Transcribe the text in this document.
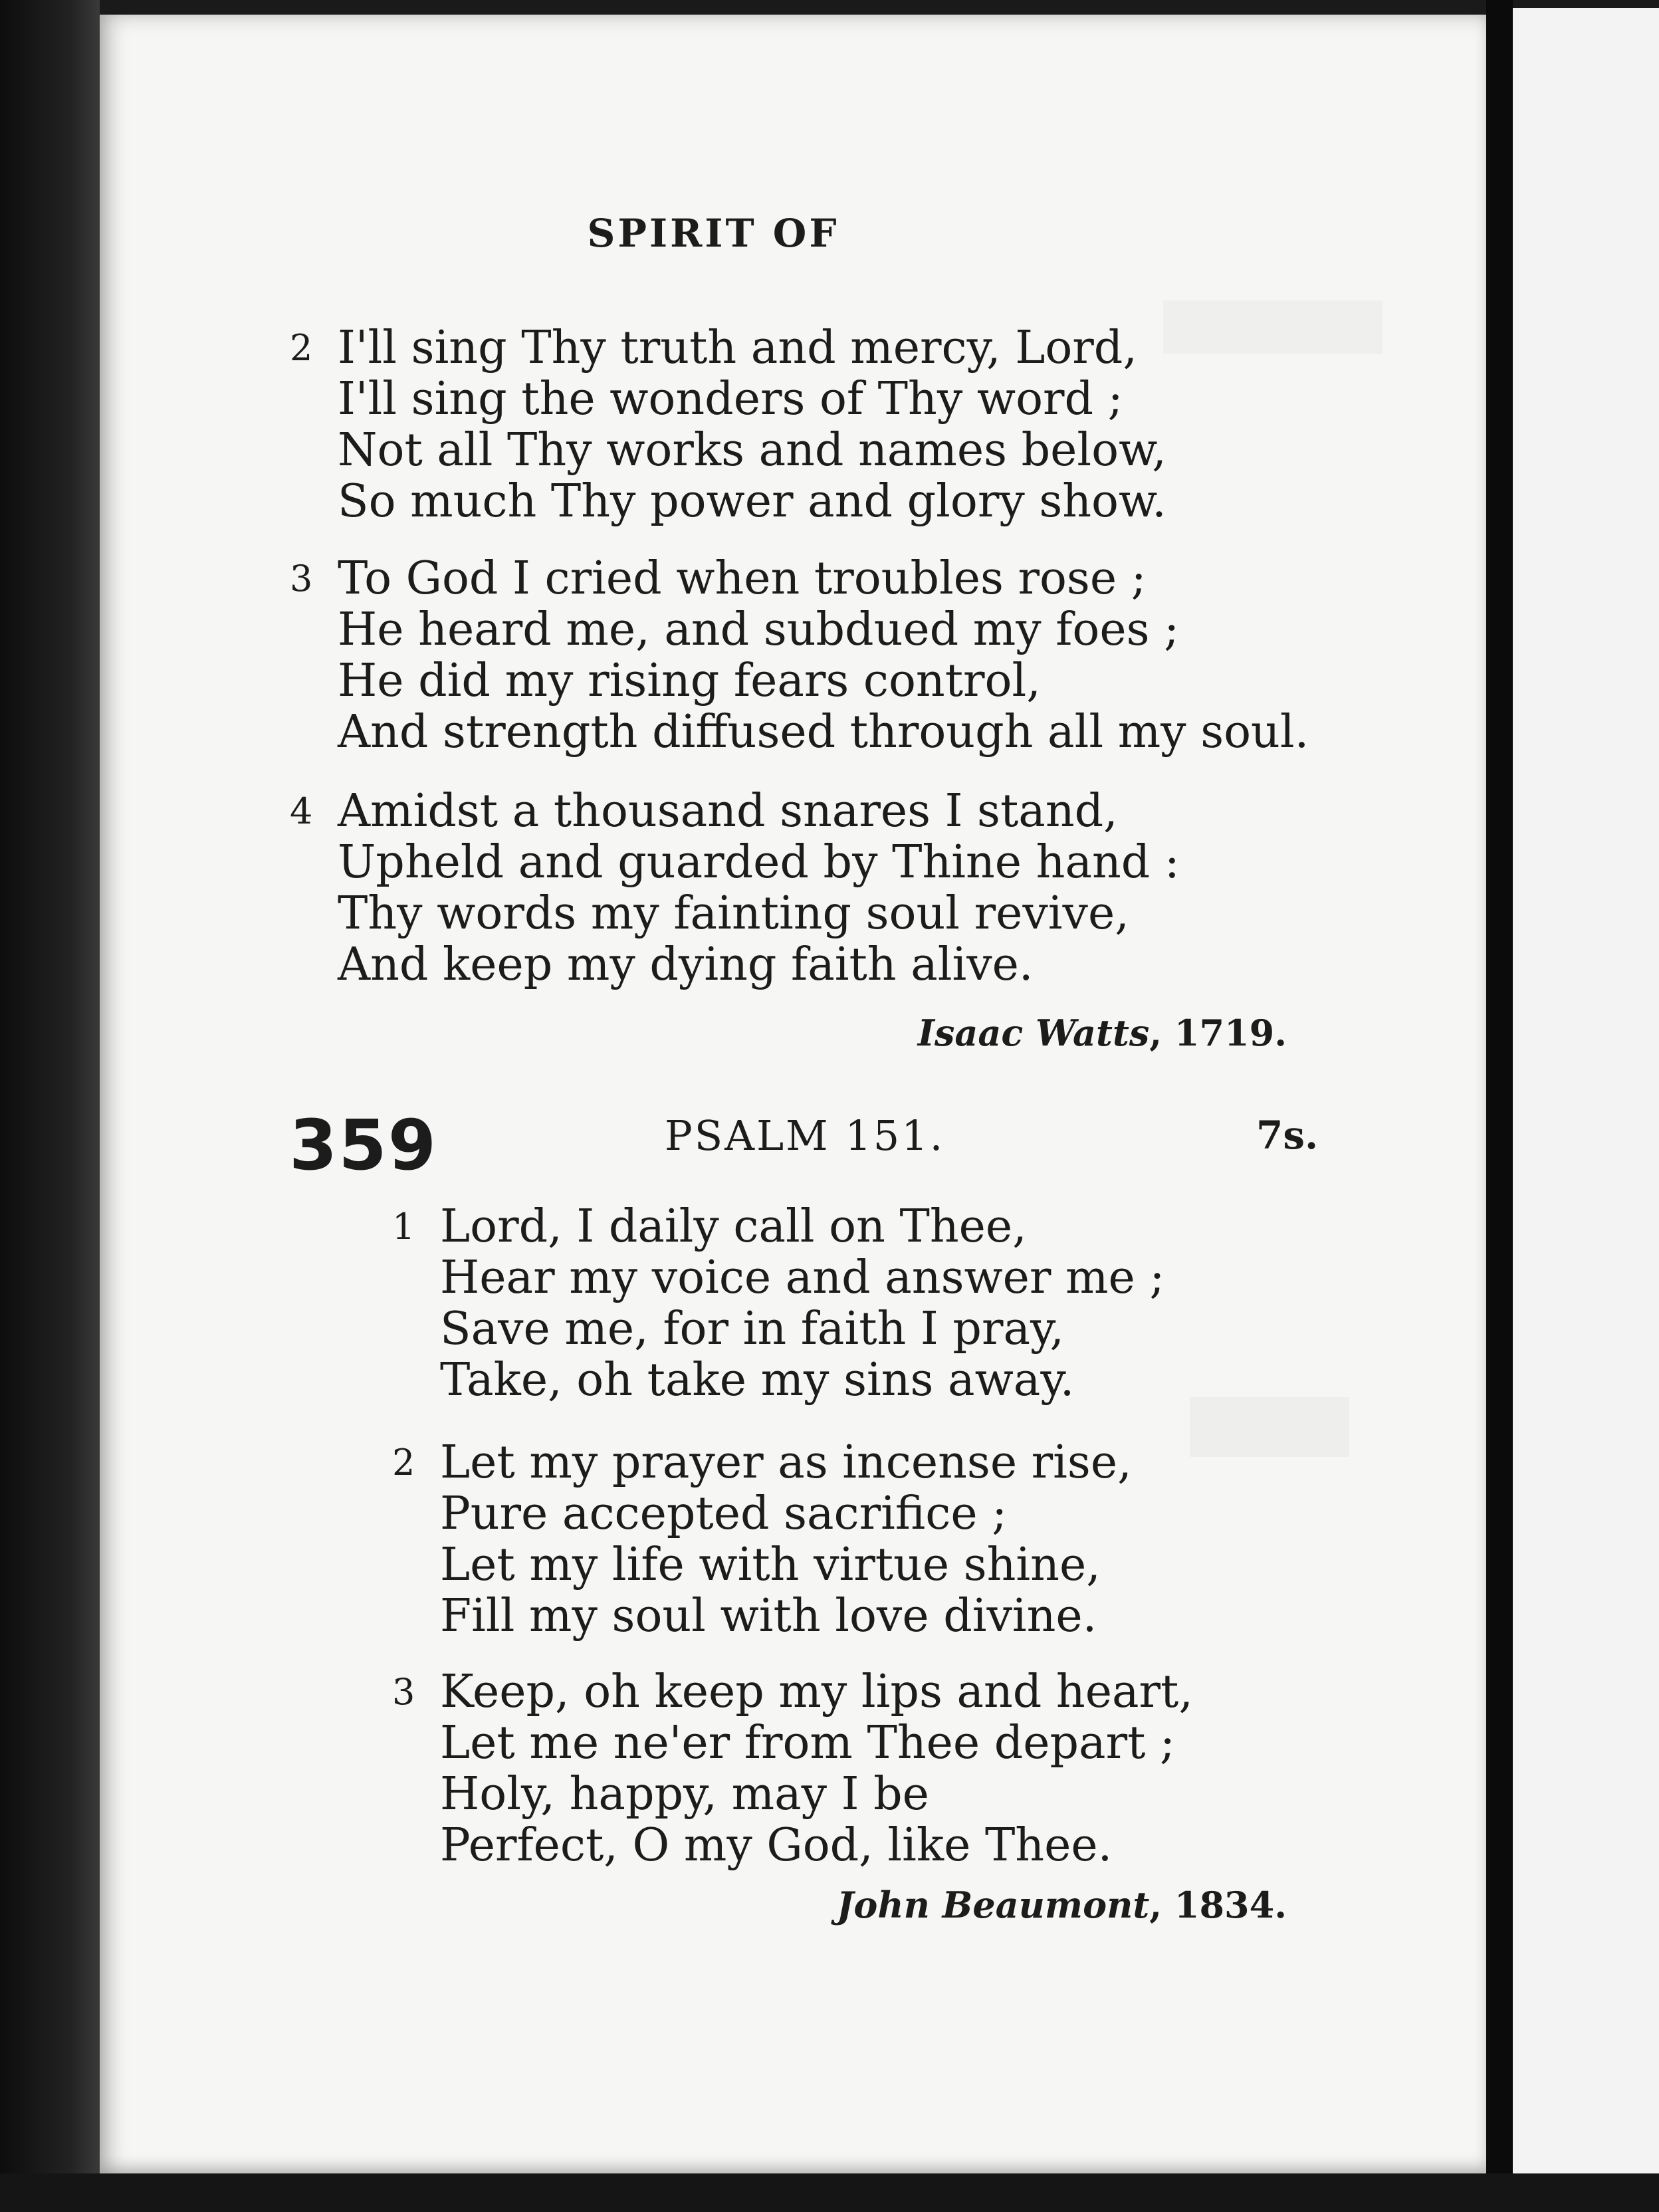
SPIRIT OF
2 I'll sing Thy truth and mercy, Lord,
I'll sing the wonders of Thy word ;
Not all Thy works and names below,
So much Thy power and glory show.
3 To God I cried when troubles rose ;
He heard me, and subdued my foes ;
He did my rising fears control,
And strength diffused through all my soul.
4 Amidst a thousand snares I stand,
Upheld and guarded by Thine hand :
Thy words my fainting soul revive,
And keep my dying faith alive.
Isaac Watts, 1719.
359	PSALM 151.	7s.
1 Lord, I daily call on Thee,
Hear my voice and answer me ;
Save me, for in faith I pray,
Take, oh take my sins away.
2 Let my prayer as incense rise,
Pure accepted sacrifice ;
Let my life with virtue shine,
Fill my soul with love divine.
3 Keep, oh keep my lips and heart,
Let me ne'er from Thee depart ;
Holy, happy, may I be
Perfect, O my God, like Thee.
John Beaumont, 1834.
